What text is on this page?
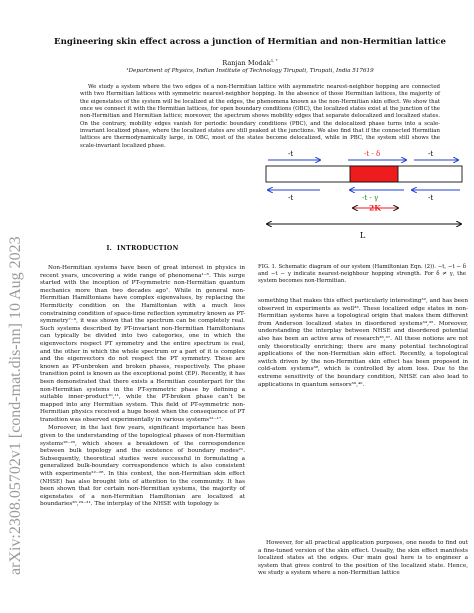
arXiv:2308.05702v1 [cond-mat.dis-nn] 10 Aug 2023
Engineering skin effect across a junction of Hermitian and non-Hermitian lattice
Ranjan Modak$^{1, *}$
¹Department of Physics, Indian Institute of Technology Tirupati, Tirupati, India 517619

We study a system where the two edges of a non-Hermitian lattice with asymmetric nearest-neighbor hopping are connected with two Hermitian lattices with symmetric nearest-neighbor hopping. In the absence of those Hermitian lattices, the majority of the eigenstates of the system will be localized at the edges, the phenomena known as the non-Hermitian skin effect. We show that once we connect it with the Hermitian lattices, for open boundary conditions (OBC), the localized states exist at the junction of the non-Hermitian and Hermitian lattice; moreover, the spectrum shows mobility edges that separate delocalized and localized states. On the contrary, mobility edges vanish for periodic boundary conditions (PBC), and the delocalized phase turns into a scale-invariant localized phase, where the localized states are still peaked at the junctions. We also find that if the connected Hermitian lattices are thermodynamically large, in OBC, most of the states become delocalized, while in PBC, the system still shows the scale-invariant localized phase.

I. INTRODUCTION

Non-Hermitian systems have been of great interest in physics in recent years, uncovering a wide range of phenomena¹⁻⁶. This surge started with the inception of PT-symmetric non-Hermitian quantum mechanics more than two decades ago⁷. While in general non-Hermitian Hamiltonians have complex eigenvalues, by replacing the Hermiticity condition on the Hamiltonian with a much less constraining condition of space-time reflection symmetry known as PT-symmetry⁷⁻⁹, it was shown that the spectrum can be completely real. Such systems described by PT-invariant non-Hermitian Hamiltonians can typically be divided into two categories, one in which the eigenvectors respect PT symmetry and the entire spectrum is real, and the other in which the whole spectrum or a part of it is complex and the eigenvectors do not respect the PT symmetry. These are known as PT-unbroken and broken phases, respectively. The phase transition point is known as the exceptional point (EP). Recently, it has been demonstrated that there exists a Hermitian counterpart for the non-Hermitian systems in the PT-symmetric phase by defining a suitable inner-product¹⁰,¹¹, while the PT-broken phase can’t be mapped into any Hermitian system. This field of PT-symmetric non-Hermitian physics received a huge boost when the consequence of PT transition was observed experimentally in various systems¹²⁻¹⁷.

Moreover, in the last few years, significant importance has been given to the understanding of the topological phases of non-Hermitian systems¹⁸⁻²⁰, which shows a breakdown of the correspondence between bulk topology and the existence of boundary modes²¹. Subsequently, theoretical studies were successful in formulating a generalized bulk-boundary correspondence which is also consistent with experiments²²⁻²⁸. In this context, the non-Hermitian skin effect (NHSE) has also brought lots of attention to the community. It has been shown that for certain non-Hermitian systems, the majority of eigenstates of a non-Hermitian Hamiltonian are localized at boundaries²⁶,²⁹⁻³¹. The interplay of the NHSE with topology is

-t	-t - δ	-t
-t	-t - γ	-t
2K
L
FIG. 1. Schematic diagram of our system (Hamiltonian Eqn. (2)). −t, −t − δ and −t − γ indicate nearest-neighbour hopping strength. For δ ≠ γ, the system becomes non-Hermitian.

something that makes this effect particularly interesting³², and has been observed in experiments as well³³. These localized edge states in non-Hermitian systems have a topological origin that makes them different from Anderson localized states in disordered systems³⁴,³⁵. Moreover, understanding the interplay between NHSE and disordered potential also has been an active area of research³⁶,³⁷. All these notions are not only theoretically enriching; there are many potential technological applications of the non-Hermitian skin effect. Recently, a topological switch driven by the non-Hermitian skin effect has been proposed in cold-atom systems³⁸, which is controlled by atom loss. Due to the extreme sensitivity of the boundary condition, NHSE can also lead to applications in quantum sensors³⁹,⁴⁰.

However, for all practical application purposes, one needs to find out a fine-tuned version of the skin effect. Usually, the skin effect manifests localized states at the edges. Our main goal here is to engineer a system that gives control to the position of the localized state. Hence, we study a system where a non-Hermitian lattice
